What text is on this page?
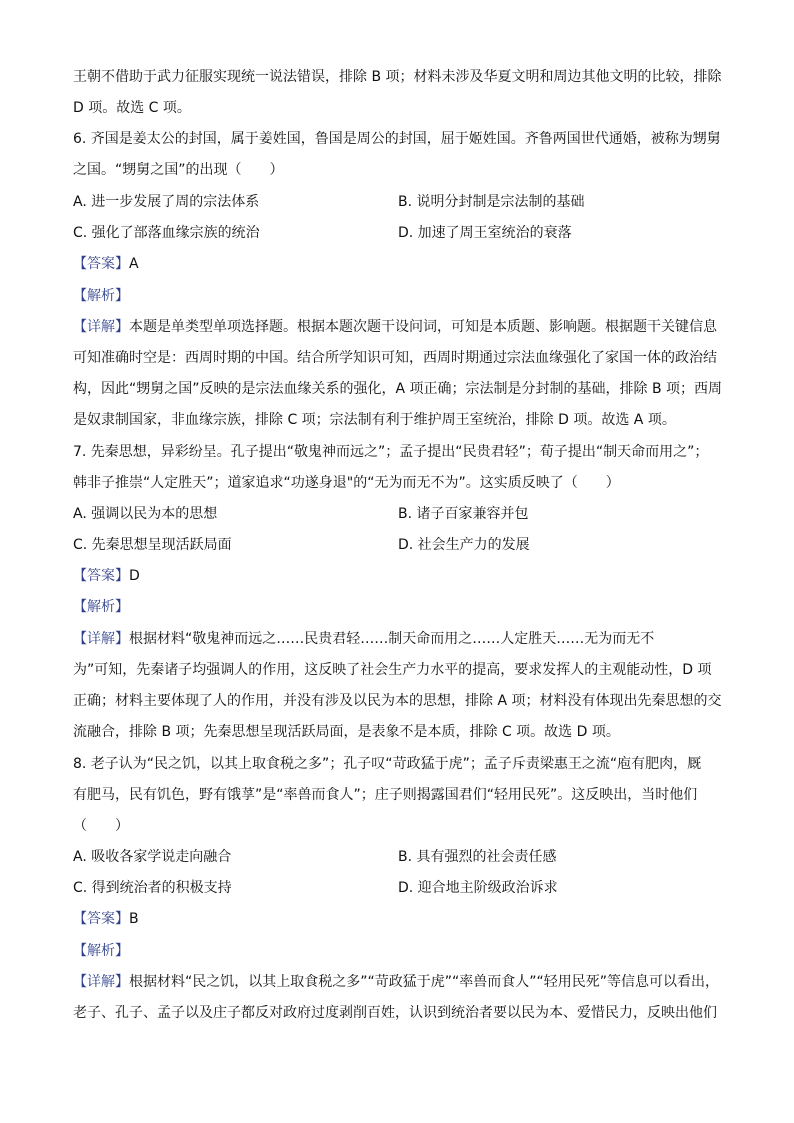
王朝不借助于武力征服实现统一说法错误，排除 B 项；材料未涉及华夏文明和周边其他文明的比较，排除
D 项。故选 C 项。
6. 齐国是姜太公的封国，属于姜姓国，鲁国是周公的封国，屈于姬姓国。齐鲁两国世代通婚，被称为甥舅
之国。“甥舅之国”的出现（　　）
A. 进一步发展了周的宗法体系	B. 说明分封制是宗法制的基础
C. 强化了部落血缘宗族的统治	D. 加速了周王室统治的衰落
【答案】A
【解析】
【详解】本题是单类型单项选择题。根据本题次题干设问词，可知是本质题、影响题。根据题干关键信息
可知准确时空是：西周时期的中国。结合所学知识可知，西周时期通过宗法血缘强化了家国一体的政治结
构，因此“甥舅之国”反映的是宗法血缘关系的强化，A 项正确；宗法制是分封制的基础，排除 B 项；西周
是奴隶制国家，非血缘宗族，排除 C 项；宗法制有利于维护周王室统治，排除 D 项。故选 A 项。
7. 先秦思想，异彩纷呈。孔子提出“敬鬼神而远之”；孟子提出“民贵君轻”；荀子提出“制天命而用之”；
韩非子推崇“人定胜天”；道家追求“功遂身退"的“无为而无不为”。这实质反映了（　　）
A. 强调以民为本的思想	B. 诸子百家兼容并包
C. 先秦思想呈现活跃局面	D. 社会生产力的发展
【答案】D
【解析】
【详解】根据材料“敬鬼神而远之……民贵君轻……制天命而用之……人定胜天……无为而无不
为”可知，先秦诸子均强调人的作用，这反映了社会生产力水平的提高，要求发挥人的主观能动性，D 项
正确；材料主要体现了人的作用，并没有涉及以民为本的思想，排除 A 项；材料没有体现出先秦思想的交
流融合，排除 B 项；先秦思想呈现活跃局面，是表象不是本质，排除 C 项。故选 D 项。
8. 老子认为“民之饥，以其上取食税之多”；孔子叹“苛政猛于虎”；孟子斥责梁惠王之流“庖有肥肉，厩
有肥马，民有饥色，野有饿莩”是“率兽而食人”；庄子则揭露国君们“轻用民死”。这反映出，当时他们
（　　）
A. 吸收各家学说走向融合	B. 具有强烈的社会责任感
C. 得到统治者的积极支持	D. 迎合地主阶级政治诉求
【答案】B
【解析】
【详解】根据材料“民之饥，以其上取食税之多”“苛政猛于虎”“率兽而食人”“轻用民死”等信息可以看出，
老子、孔子、孟子以及庄子都反对政府过度剥削百姓，认识到统治者要以民为本、爱惜民力，反映出他们
